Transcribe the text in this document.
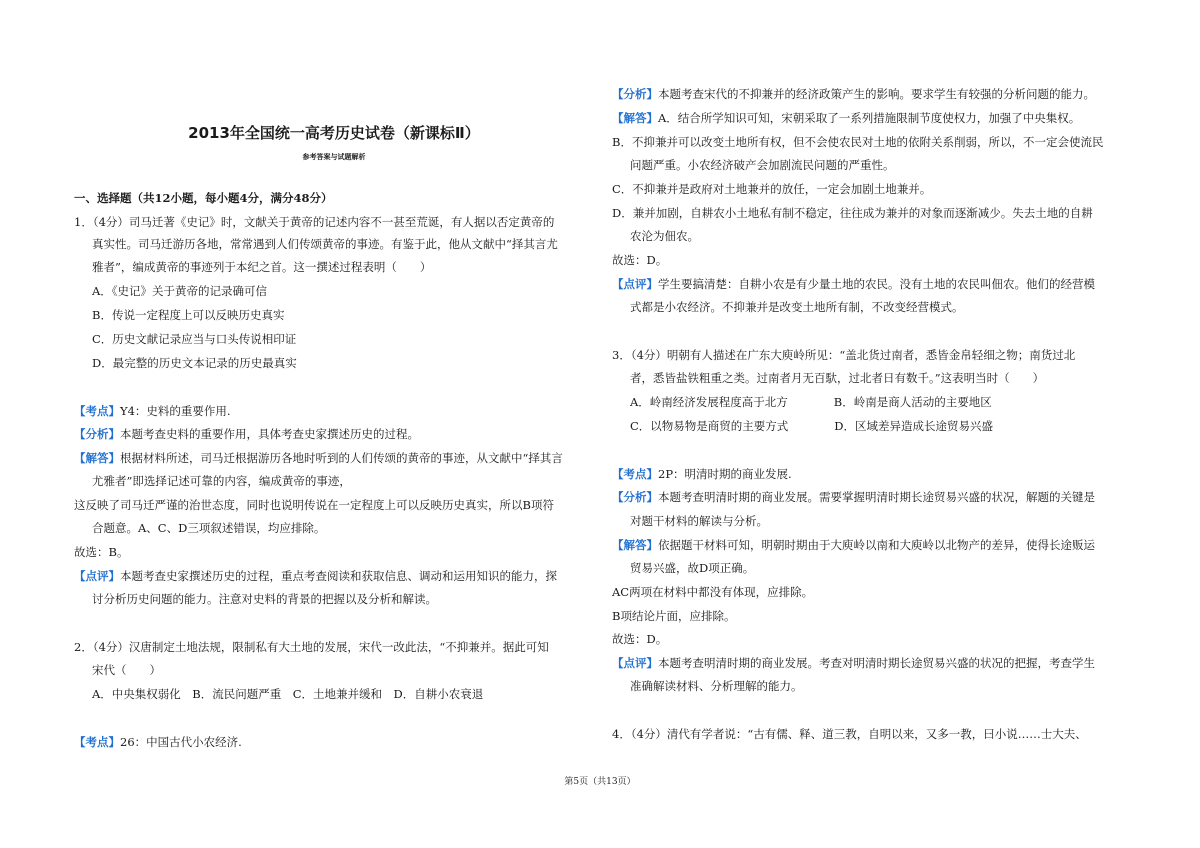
2013年全国统一高考历史试卷（新课标Ⅱ）
参考答案与试题解析
一、选择题（共12小题，每小题4分，满分48分）
1．（4分）司马迁著《史记》时，文献关于黄帝的记述内容不一甚至荒诞，有人据以否定黄帝的
真实性。司马迁游历各地，常常遇到人们传颂黄帝的事迹。有鉴于此，他从文献中“择其言尤
雅者”，编成黄帝的事迹列于本纪之首。这一撰述过程表明（　　）
A．《史记》关于黄帝的记录确可信
B．传说一定程度上可以反映历史真实
C．历史文献记录应当与口头传说相印证
D．最完整的历史文本记录的历史最真实
【考点】Y4：史料的重要作用.
【分析】本题考查史料的重要作用，具体考查史家撰述历史的过程。
【解答】根据材料所述，司马迁根据游历各地时听到的人们传颂的黄帝的事迹，从文献中“择其言
尤雅者”即选择记述可靠的内容，编成黄帝的事迹，
这反映了司马迁严谨的治世态度，同时也说明传说在一定程度上可以反映历史真实，所以B项符
合题意。A、C、D三项叙述错误，均应排除。
故选：B。
【点评】本题考查史家撰述历史的过程，重点考查阅读和获取信息、调动和运用知识的能力，探
讨分析历史问题的能力。注意对史料的背景的把握以及分析和解读。
2．（4分）汉唐制定土地法规，限制私有大土地的发展，宋代一改此法，“不抑兼并。据此可知
宋代（　　）
A．中央集权弱化　B．流民问题严重　C．土地兼并缓和　D．自耕小农衰退
【考点】26：中国古代小农经济.
【分析】本题考查宋代的不抑兼并的经济政策产生的影响。要求学生有较强的分析问题的能力。
【解答】A．结合所学知识可知，宋朝采取了一系列措施限制节度使权力，加强了中央集权。
B．不抑兼并可以改变土地所有权，但不会使农民对土地的依附关系削弱，所以，不一定会使流民
问题严重。小农经济破产会加剧流民问题的严重性。
C．不抑兼并是政府对土地兼并的放任，一定会加剧土地兼并。
D．兼并加剧，自耕农小土地私有制不稳定，往往成为兼并的对象而逐渐减少。失去土地的自耕
农沦为佃农。
故选：D。
【点评】学生要搞清楚：自耕小农是有少量土地的农民。没有土地的农民叫佃农。他们的经营模
式都是小农经济。不抑兼并是改变土地所有制，不改变经营模式。
3．（4分）明朝有人描述在广东大庾岭所见：“盖北货过南者，悉皆金帛轻细之物；南货过北
者，悉皆盐铁粗重之类。过南者月无百馱，过北者日有数千。”这表明当时（　　）
A．岭南经济发展程度高于北方　　　　B．岭南是商人活动的主要地区
C．以物易物是商贸的主要方式　　　　D．区域差异造成长途贸易兴盛
【考点】2P：明清时期的商业发展.
【分析】本题考查明清时期的商业发展。需要掌握明清时期长途贸易兴盛的状况，解题的关键是
对题干材料的解读与分析。
【解答】依据题干材料可知，明朝时期由于大庾岭以南和大庾岭以北物产的差异，使得长途贩运
贸易兴盛，故D项正确。
AC两项在材料中都没有体现，应排除。
B项结论片面，应排除。
故选：D。
【点评】本题考查明清时期的商业发展。考查对明清时期长途贸易兴盛的状况的把握，考查学生
准确解读材料、分析理解的能力。
4．（4分）清代有学者说：“古有儒、释、道三教，自明以来，又多一教，曰小说……士大夫、
第5页（共13页）
